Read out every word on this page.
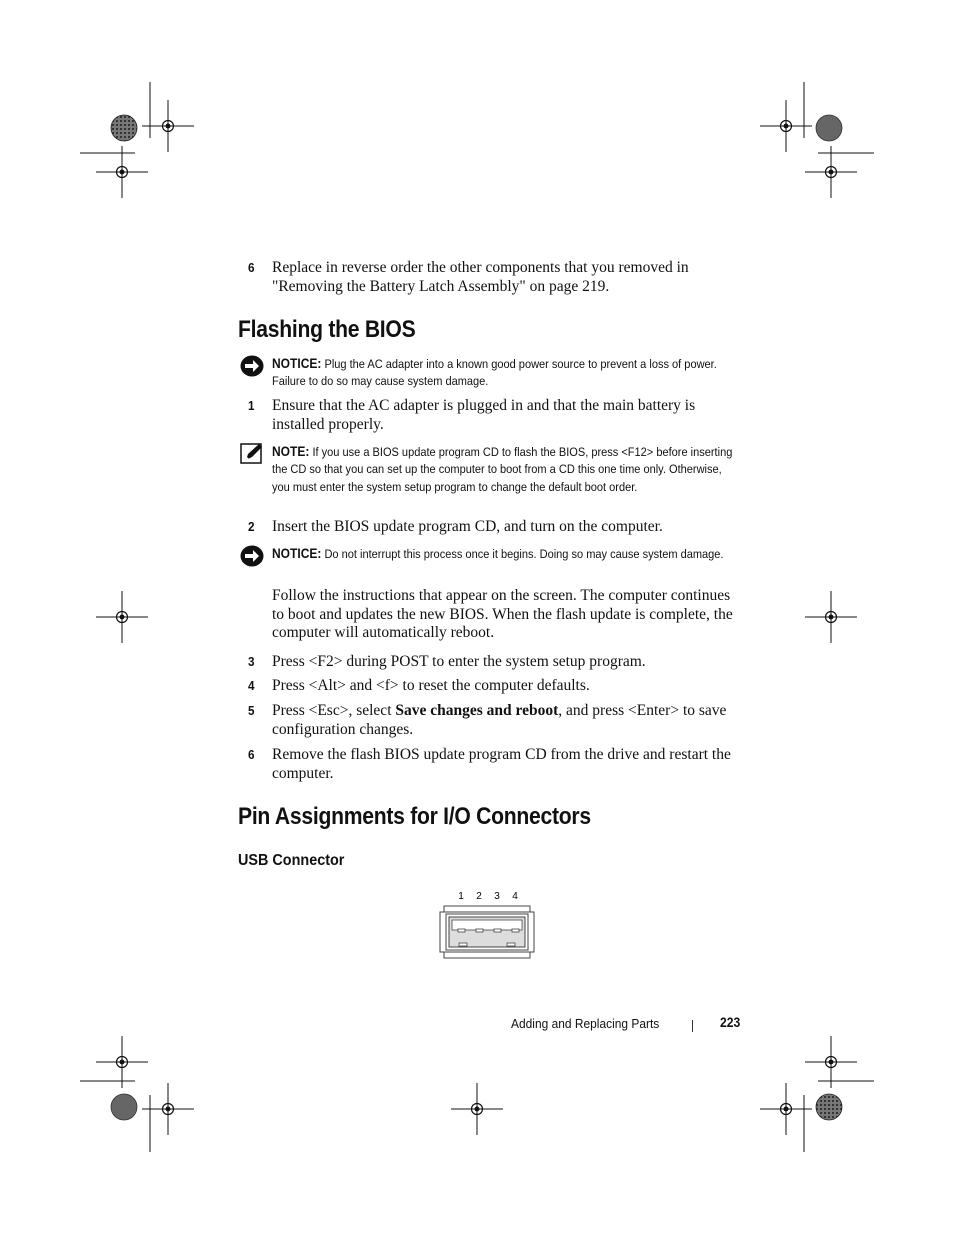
6	Replace in reverse order the other components that you removed in "Removing the Battery Latch Assembly" on page 219.
Flashing the BIOS
NOTICE: Plug the AC adapter into a known good power source to prevent a loss of power. Failure to do so may cause system damage.
1	Ensure that the AC adapter is plugged in and that the main battery is installed properly.
NOTE: If you use a BIOS update program CD to flash the BIOS, press <F12> before inserting the CD so that you can set up the computer to boot from a CD this one time only. Otherwise, you must enter the system setup program to change the default boot order.
2	Insert the BIOS update program CD, and turn on the computer.
NOTICE: Do not interrupt this process once it begins. Doing so may cause system damage.
Follow the instructions that appear on the screen. The computer continues to boot and updates the new BIOS. When the flash update is complete, the computer will automatically reboot.
3	Press <F2> during POST to enter the system setup program.
4	Press <Alt> and <f> to reset the computer defaults.
5	Press <Esc>, select Save changes and reboot, and press <Enter> to save configuration changes.
6	Remove the flash BIOS update program CD from the drive and restart the computer.
Pin Assignments for I/O Connectors
USB Connector
1 2 3 4
Adding and Replacing Parts	223
